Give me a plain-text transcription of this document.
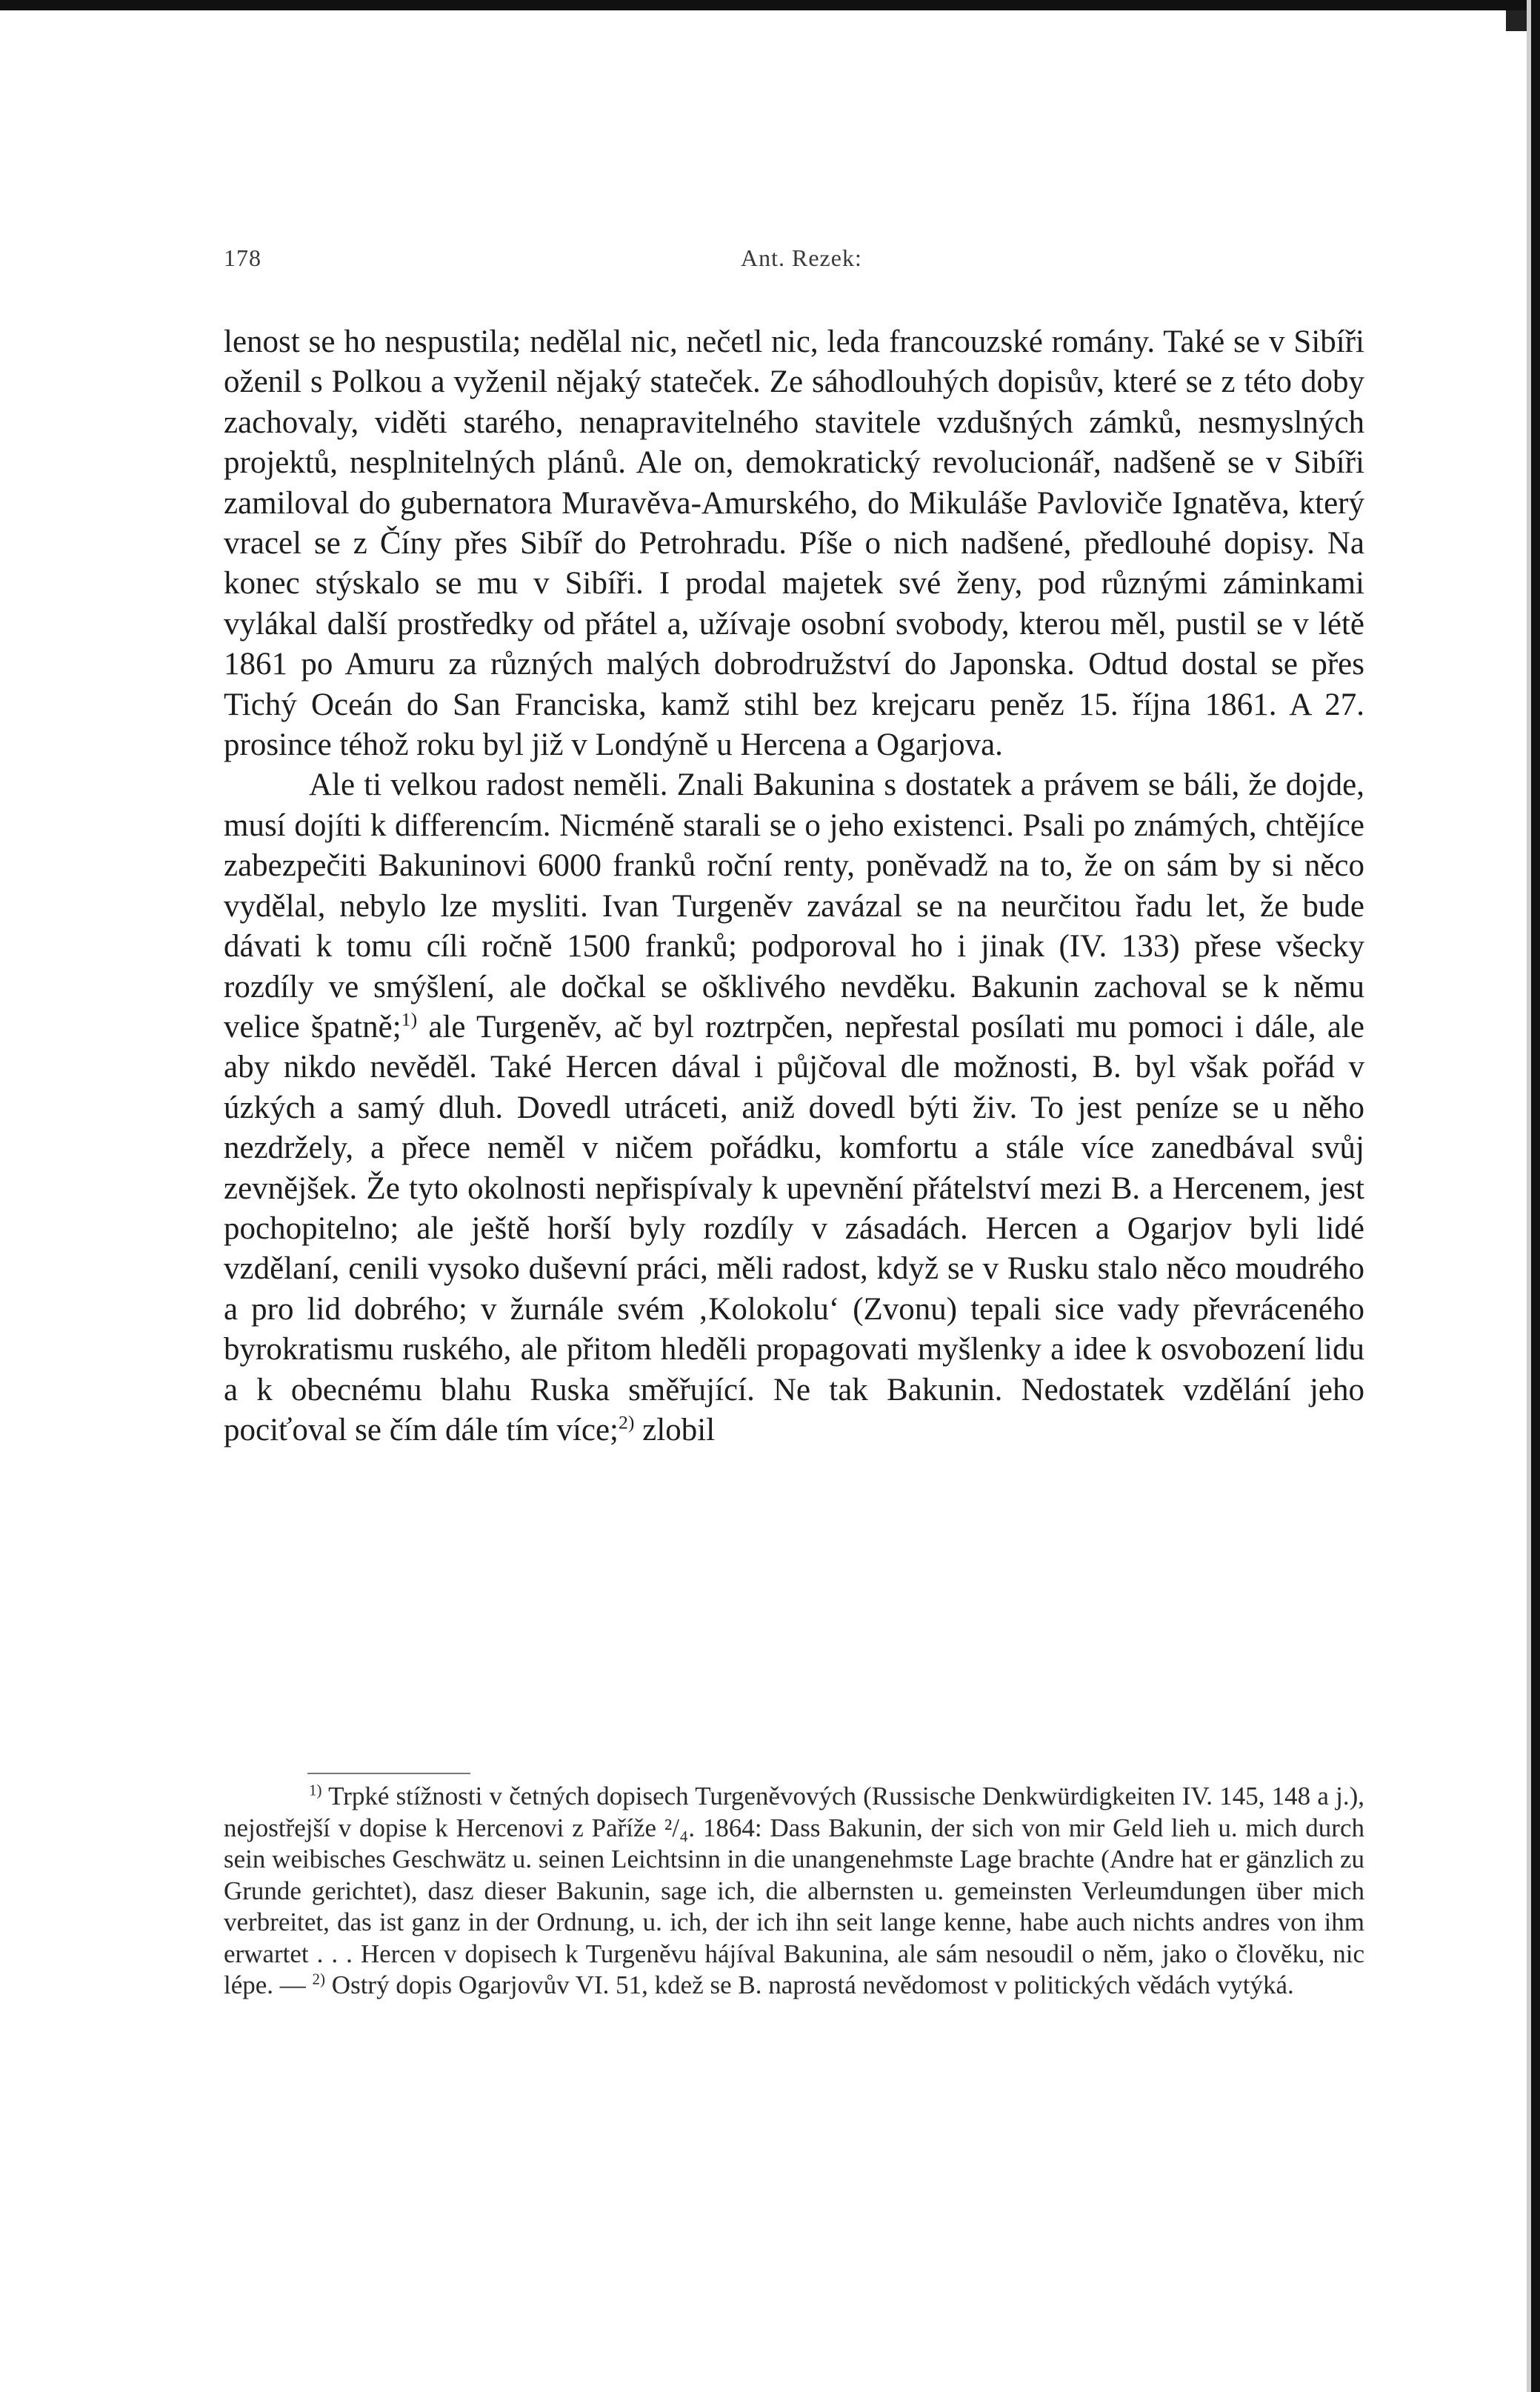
178	Ant. Rezek:

lenost se ho nespustila; nedělal nic, nečetl nic, leda francouzské romány. Také se v Sibíři oženil s Polkou a vyženil nějaký stateček. Ze sáhodlouhých dopisův, které se z této doby zachovaly, viděti starého, nenapravitelného stavitele vzdušných zámků, nesmyslných projektů, nesplnitelných plánů. Ale on, demokratický revolucionář, nadšeně se v Sibíři zamiloval do gubernatora Muravěva-Amurského, do Mikuláše Pavloviče Ignatěva, který vracel se z Číny přes Sibíř do Petrohradu. Píše o nich nadšené, předlouhé dopisy. Na konec stýskalo se mu v Sibíři. I prodal majetek své ženy, pod různými záminkami vylákal další prostředky od přátel a, užívaje osobní svobody, kterou měl, pustil se v létě 1861 po Amuru za různých malých dobrodružství do Japonska. Odtud dostal se přes Tichý Oceán do San Franciska, kamž stihl bez krejcaru peněz 15. října 1861. A 27. prosince téhož roku byl již v Londýně u Hercena a Ogarjova.

Ale ti velkou radost neměli. Znali Bakunina s dostatek a právem se báli, že dojde, musí dojíti k differencím. Nicméně starali se o jeho existenci. Psali po známých, chtějíce zabezpečiti Bakuninovi 6000 franků roční renty, poněvadž na to, že on sám by si něco vydělal, nebylo lze mysliti. Ivan Turgeněv zavázal se na neurčitou řadu let, že bude dávati k tomu cíli ročně 1500 franků; podporoval ho i jinak (IV. 133) přese všecky rozdíly ve smýšlení, ale dočkal se ošklivého nevděku. Bakunin zachoval se k němu velice špatně;$^{1)}$ ale Turgeněv, ač byl roztrpčen, nepřestal posílati mu pomoci i dále, ale aby nikdo nevěděl. Také Hercen dával i půjčoval dle možnosti, B. byl však pořád v úzkých a samý dluh. Dovedl utráceti, aniž dovedl býti živ. To jest peníze se u něho nezdržely, a přece neměl v ničem pořádku, komfortu a stále více zanedbával svůj zevnějšek. Že tyto okolnosti nepřispívaly k upevnění přátelství mezi B. a Hercenem, jest pochopitelno; ale ještě horší byly rozdíly v zásadách. Hercen a Ogarjov byli lidé vzdělaní, cenili vysoko duševní práci, měli radost, když se v Rusku stalo něco moudrého a pro lid dobrého; v žurnále svém ‚Kolokolu‘ (Zvonu) tepali sice vady převráceného byrokratismu ruského, ale přitom hleděli propagovati myšlenky a idee k osvobození lidu a k obecnému blahu Ruska směřující. Ne tak Bakunin. Nedostatek vzdělání jeho pociťoval se čím dále tím více;$^{2)}$ zlobil

$^{1)}$ Trpké stížnosti v četných dopisech Turgeněvových (Russische Denkwürdigkeiten IV. 145, 148 a j.), nejostřejší v dopise k Hercenovi z Paříže ²/₄. 1864: Dass Bakunin, der sich von mir Geld lieh u. mich durch sein weibisches Geschwätz u. seinen Leichtsinn in die unangenehmste Lage brachte (Andre hat er gänzlich zu Grunde gerichtet), dasz dieser Bakunin, sage ich, die albernsten u. gemeinsten Verleumdungen über mich verbreitet, das ist ganz in der Ordnung, u. ich, der ich ihn seit lange kenne, habe auch nichts andres von ihm erwartet . . . Hercen v dopisech k Turgeněvu hájíval Bakunina, ale sám nesoudil o něm, jako o člověku, nic lépe. — $^{2)}$ Ostrý dopis Ogarjovův VI. 51, kdež se B. naprostá nevědomost v politických vědách vytýká.
